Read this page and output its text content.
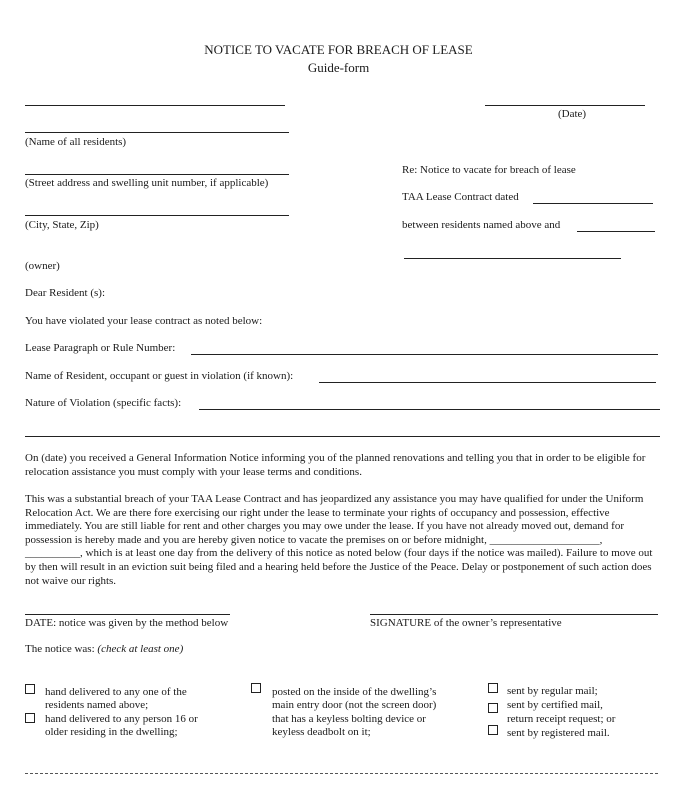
NOTICE TO VACATE FOR BREACH OF LEASE
Guide-form
(Date)
(Name of all residents)
(Street address and swelling unit number, if applicable)
(City, State, Zip)
(owner)
Re: Notice to vacate for breach of lease
TAA Lease Contract dated
between residents named above and
Dear Resident (s):
You have violated your lease contract as noted below:
Lease Paragraph or Rule Number:
Name of Resident, occupant or guest in violation (if known):
Nature of Violation (specific facts):
On (date) you received a General Information Notice informing you of the planned renovations and telling you that in order to be eligible for relocation assistance you must comply with your lease terms and conditions.
This was a substantial breach of your TAA Lease Contract and has jeopardized any assistance you may have qualified for under the Uniform Relocation Act. We are there fore exercising our right under the lease to terminate your rights of occupancy and possession, effective immediately. You are still liable for rent and other charges you may owe under the lease. If you have not already moved out, demand for possession is hereby made and you are hereby given notice to vacate the premises on or before midnight, ____________________, __________, which is at least one day from the delivery of this notice as noted below (four days if the notice was mailed). Failure to move out by then will result in an eviction suit being filed and a hearing held before the Justice of the Peace. Delay or postponement of such action does not waive our rights.
DATE: notice was given by the method below	SIGNATURE of the owner’s representative
The notice was: (check at least one)
hand delivered to any one of the
residents named above;
hand delivered to any person 16 or
older residing in the dwelling;
posted on the inside of the dwelling’s
main entry door (not the screen door)
that has a keyless bolting device or
keyless deadbolt on it;
sent by regular mail;
sent by certified mail,
return receipt request; or
sent by registered mail.
